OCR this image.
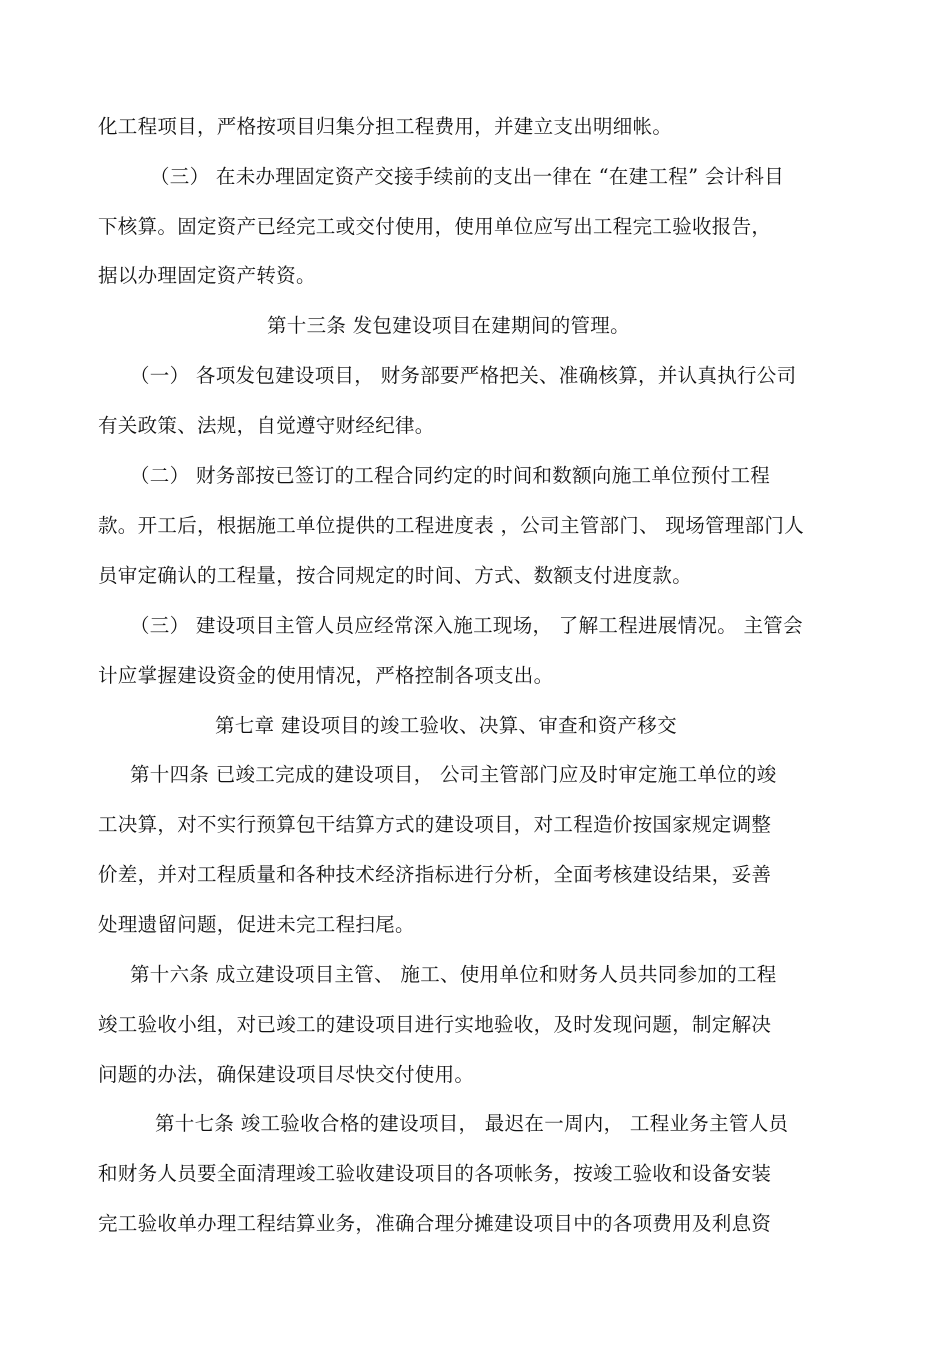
化工程项目，严格按项目归集分担工程费用，并建立支出明细帐。
（三） 在未办理固定资产交接手续前的支出一律在 “在建工程” 会计科目
下核算。固定资产已经完工或交付使用，使用单位应写出工程完工验收报告，
据以办理固定资产转资。
第十三条 发包建设项目在建期间的管理。
（一） 各项发包建设项目， 财务部要严格把关、准确核算，并认真执行公司
有关政策、法规，自觉遵守财经纪律。
（二） 财务部按已签订的工程合同约定的时间和数额向施工单位预付工程
款。开工后，根据施工单位提供的工程进度表 ，公司主管部门、 现场管理部门人
员审定确认的工程量，按合同规定的时间、方式、数额支付进度款。
（三） 建设项目主管人员应经常深入施工现场， 了解工程进展情况。 主管会
计应掌握建设资金的使用情况，严格控制各项支出。
第七章 建设项目的竣工验收、决算、审查和资产移交
第十四条 已竣工完成的建设项目， 公司主管部门应及时审定施工单位的竣
工决算，对不实行预算包干结算方式的建设项目，对工程造价按国家规定调整
价差，并对工程质量和各种技术经济指标进行分析，全面考核建设结果，妥善
处理遗留问题，促进未完工程扫尾。
第十六条 成立建设项目主管、 施工、使用单位和财务人员共同参加的工程
竣工验收小组，对已竣工的建设项目进行实地验收，及时发现问题，制定解决
问题的办法，确保建设项目尽快交付使用。
第十七条 竣工验收合格的建设项目， 最迟在一周内， 工程业务主管人员
和财务人员要全面清理竣工验收建设项目的各项帐务，按竣工验收和设备安装
完工验收单办理工程结算业务，准确合理分摊建设项目中的各项费用及利息资
